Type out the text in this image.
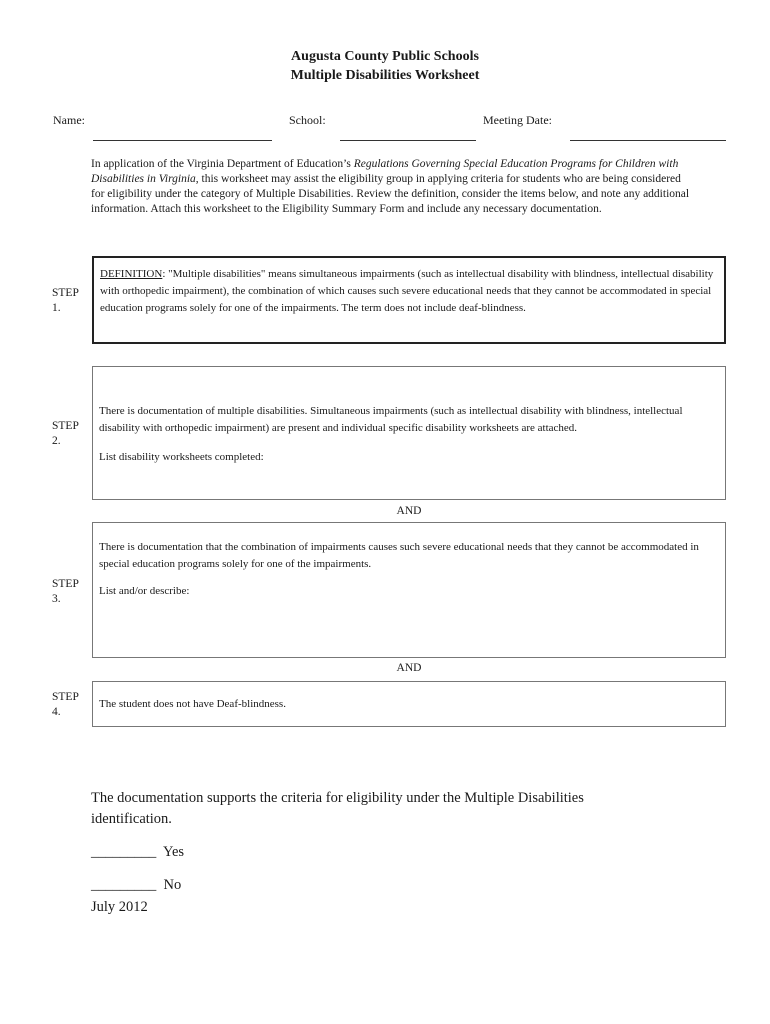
Augusta County Public Schools
Multiple Disabilities Worksheet
Name:	School:	Meeting Date:
In application of the Virginia Department of Education’s Regulations Governing Special Education Programs for Children with Disabilities in Virginia, this worksheet may assist the eligibility group in applying criteria for students who are being considered for eligibility under the category of Multiple Disabilities. Review the definition, consider the items below, and note any additional information. Attach this worksheet to the Eligibility Summary Form and include any necessary documentation.
STEP 1.
DEFINITION: "Multiple disabilities" means simultaneous impairments (such as intellectual disability with blindness, intellectual disability with orthopedic impairment), the combination of which causes such severe educational needs that they cannot be accommodated in special education programs solely for one of the impairments. The term does not include deaf-blindness.
STEP 2.
There is documentation of multiple disabilities. Simultaneous impairments (such as intellectual disability with blindness, intellectual disability with orthopedic impairment) are present and individual specific disability worksheets are attached.
List disability worksheets completed:
AND
STEP 3.
There is documentation that the combination of impairments causes such severe educational needs that they cannot be accommodated in special education programs solely for one of the impairments.
List and/or describe:
AND
STEP 4.
The student does not have Deaf-blindness.
The documentation supports the criteria for eligibility under the Multiple Disabilities identification.
_________ Yes
_________ No
July 2012
